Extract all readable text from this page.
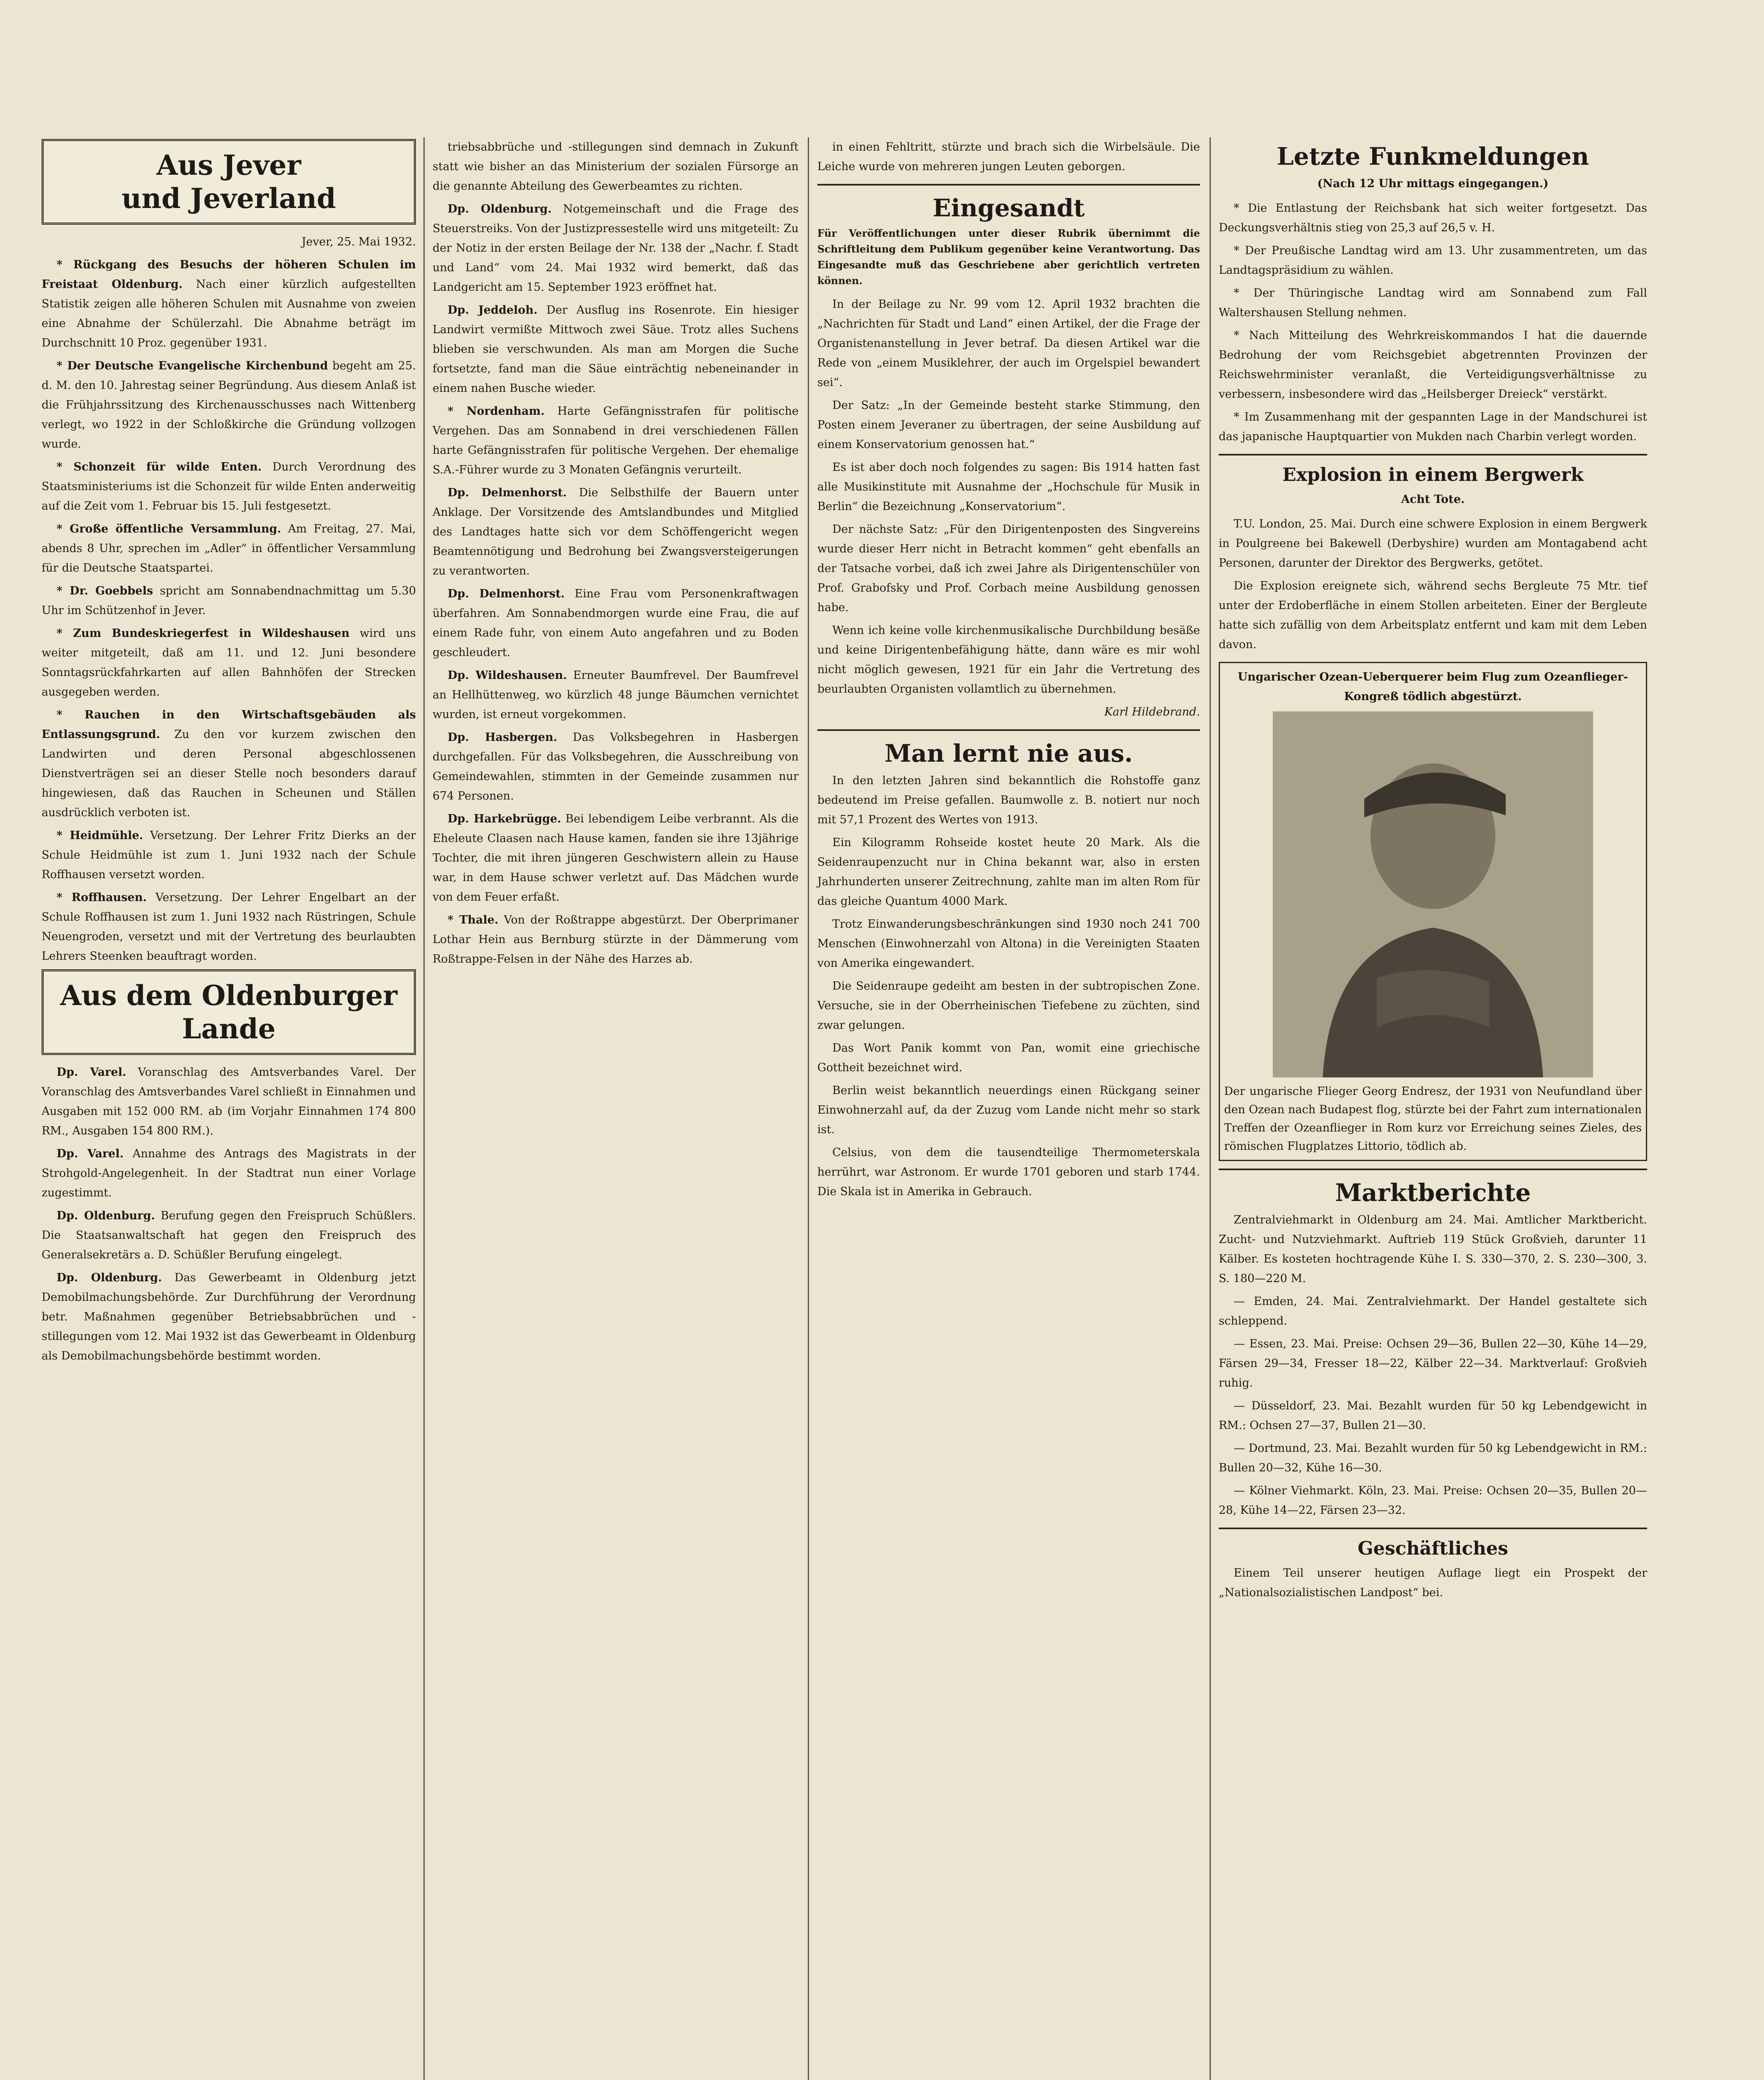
Aus Jever
und Jeverland
Jever, 25. Mai 1932.

* Rückgang des Besuchs der höheren Schulen im Freistaat Oldenburg. Nach einer kürzlich aufgestellten Statistik zeigen alle höheren Schulen mit Ausnahme von zweien eine Abnahme der Schülerzahl. Die Abnahme beträgt im Durchschnitt 10 Proz. gegenüber 1931.

* Der Deutsche Evangelische Kirchenbund begeht am 25. d. M. den 10. Jahrestag seiner Begründung. Aus diesem Anlaß ist die Frühjahrssitzung des Kirchenausschusses nach Wittenberg verlegt, wo 1922 in der Schloßkirche die Gründung vollzogen wurde.

* Schonzeit für wilde Enten. Durch Verordnung des Staatsministeriums ist die Schonzeit für wilde Enten anderweitig auf die Zeit vom 1. Februar bis 15. Juli festgesetzt.

* Große öffentliche Versammlung. Am Freitag, 27. Mai, abends 8 Uhr, sprechen im „Adler“ in öffentlicher Versammlung für die Deutsche Staatspartei.

* Dr. Goebbels spricht am Sonnabendnachmittag um 5.30 Uhr im Schützenhof in Jever.

* Zum Bundeskriegerfest in Wildeshausen wird uns weiter mitgeteilt, daß am 11. und 12. Juni besondere Sonntagsrückfahrkarten auf allen Bahnhöfen der Strecken ausgegeben werden.

* Rauchen in den Wirtschaftsgebäuden als Entlassungsgrund. Zu den vor kurzem zwischen den Landwirten und deren Personal abgeschlossenen Dienstverträgen sei an dieser Stelle noch besonders darauf hingewiesen, daß das Rauchen in Scheunen und Ställen ausdrücklich verboten ist.

* Heidmühle. Versetzung. Der Lehrer Fritz Dierks an der Schule Heidmühle ist zum 1. Juni 1932 nach der Schule Roffhausen versetzt worden.

* Roffhausen. Versetzung. Der Lehrer Engelbart an der Schule Roffhausen ist zum 1. Juni 1932 nach Rüstringen, Schule Neuengroden, versetzt und mit der Vertretung des beurlaubten Lehrers Steenken beauftragt worden.

Aus dem Oldenburger
Lande

Dp. Varel. Voranschlag des Amtsverbandes Varel. Der Voranschlag des Amtsverbandes Varel schließt in Einnahmen und Ausgaben mit 152 000 RM. ab (im Vorjahr Einnahmen 174 800 RM., Ausgaben 154 800 RM.).

Dp. Varel. Annahme des Antrags des Magistrats in der Strohgold-Angelegenheit. In der Stadtrat nun einer Vorlage zugestimmt.

Dp. Oldenburg. Berufung gegen den Freispruch Schüßlers. Die Staatsanwaltschaft hat gegen den Freispruch des Generalsekretärs a. D. Schüßler Berufung eingelegt.

Dp. Oldenburg. Das Gewerbeamt in Oldenburg jetzt Demobilmachungsbehörde. Zur Durchführung der Verordnung betr. Maßnahmen gegenüber Betriebsabbrüchen und -stillegungen vom 12. Mai 1932 ist das Gewerbeamt in Oldenburg als Demobilmachungsbehörde bestimmt worden.

triebsabbrüche und -stillegungen sind demnach in Zukunft statt wie bisher an das Ministerium der sozialen Fürsorge an die genannte Abteilung des Gewerbeamtes zu richten.

Dp. Oldenburg. Notgemeinschaft und die Frage des Steuerstreiks. Von der Justizpressestelle wird uns mitgeteilt: Zu der Notiz in der ersten Beilage der Nr. 138 der „Nachr. f. Stadt und Land“ vom 24. Mai 1932 wird bemerkt, daß das Landgericht am 15. September 1923 eröffnet hat.

Dp. Jeddeloh. Der Ausflug ins Rosenrote. Ein hiesiger Landwirt vermißte Mittwoch zwei Säue. Trotz alles Suchens blieben sie verschwunden. Als man am Morgen die Suche fortsetzte, fand man die Säue einträchtig nebeneinander in einem nahen Busche wieder.

* Nordenham. Harte Gefängnisstrafen für politische Vergehen. Das am Sonnabend in drei verschiedenen Fällen harte Gefängnisstrafen für politische Vergehen. Der ehemalige S.A.-Führer wurde zu 3 Monaten Gefängnis verurteilt.

Dp. Delmenhorst. Die Selbsthilfe der Bauern unter Anklage. Der Vorsitzende des Amtslandbundes und Mitglied des Landtages hatte sich vor dem Schöffengericht wegen Beamtennötigung und Bedrohung bei Zwangsversteigerungen zu verantworten.

Dp. Delmenhorst. Eine Frau vom Personenkraftwagen überfahren. Am Sonnabendmorgen wurde eine Frau, die auf einem Rade fuhr, von einem Auto angefahren und zu Boden geschleudert.

Dp. Wildeshausen. Erneuter Baumfrevel. Der Baumfrevel an Hellhüttenweg, wo kürzlich 48 junge Bäumchen vernichtet wurden, ist erneut vorgekommen.

Dp. Hasbergen. Das Volksbegehren in Hasbergen durchgefallen. Für das Volksbegehren, die Ausschreibung von Gemeindewahlen, stimmten in der Gemeinde zusammen nur 674 Personen.

Dp. Harkebrügge. Bei lebendigem Leibe verbrannt. Als die Eheleute Claasen nach Hause kamen, fanden sie ihre 13jährige Tochter, die mit ihren jüngeren Geschwistern allein zu Hause war, in dem Hause schwer verletzt auf. Das Mädchen wurde von dem Feuer erfaßt.

* Thale. Von der Roßtrappe abgestürzt. Der Oberprimaner Lothar Hein aus Bernburg stürzte in der Dämmerung vom Roßtrappe-Felsen in der Nähe des Harzes ab.

in einen Fehltritt, stürzte und brach sich die Wirbelsäule. Die Leiche wurde von mehreren jungen Leuten geborgen.

Eingesandt
Für Veröffentlichungen unter dieser Rubrik übernimmt die Schriftleitung dem Publikum gegenüber keine Verantwortung. Das Eingesandte muß das Geschriebene aber gerichtlich vertreten können.

In der Beilage zu Nr. 99 vom 12. April 1932 brachten die „Nachrichten für Stadt und Land“ einen Artikel, der die Frage der Organistenanstellung in Jever betraf. Da diesen Artikel war die Rede von „einem Musiklehrer, der auch im Orgelspiel bewandert sei“.

Der Satz: „In der Gemeinde besteht starke Stimmung, den Posten einem Jeveraner zu übertragen, der seine Ausbildung auf einem Konservatorium genossen hat.“

Es ist aber doch noch folgendes zu sagen: Bis 1914 hatten fast alle Musikinstitute mit Ausnahme der „Hochschule für Musik in Berlin“ die Bezeichnung „Konservatorium“.

Der nächste Satz: „Für den Dirigentenposten des Singvereins wurde dieser Herr nicht in Betracht kommen“ geht ebenfalls an der Tatsache vorbei, daß ich zwei Jahre als Dirigentenschüler von Prof. Grabofsky und Prof. Corbach meine Ausbildung genossen habe.

Wenn ich keine volle kirchenmusikalische Durchbildung besäße und keine Dirigentenbefähigung hätte, dann wäre es mir wohl nicht möglich gewesen, 1921 für ein Jahr die Vertretung des beurlaubten Organisten vollamtlich zu übernehmen.

Karl Hildebrand.
Man lernt nie aus.

In den letzten Jahren sind bekanntlich die Rohstoffe ganz bedeutend im Preise gefallen. Baumwolle z. B. notiert nur noch mit 57,1 Prozent des Wertes von 1913.

Ein Kilogramm Rohseide kostet heute 20 Mark. Als die Seidenraupenzucht nur in China bekannt war, also in ersten Jahrhunderten unserer Zeitrechnung, zahlte man im alten Rom für das gleiche Quantum 4000 Mark.

Trotz Einwanderungsbeschränkungen sind 1930 noch 241 700 Menschen (Einwohnerzahl von Altona) in die Vereinigten Staaten von Amerika eingewandert.

Die Seidenraupe gedeiht am besten in der subtropischen Zone. Versuche, sie in der Oberrheinischen Tiefebene zu züchten, sind zwar gelungen.

Das Wort Panik kommt von Pan, womit eine griechische Gottheit bezeichnet wird.

Berlin weist bekanntlich neuerdings einen Rückgang seiner Einwohnerzahl auf, da der Zuzug vom Lande nicht mehr so stark ist.

Celsius, von dem die tausendteilige Thermometerskala herrührt, war Astronom. Er wurde 1701 geboren und starb 1744. Die Skala ist in Amerika in Gebrauch.

Letzte Funkmeldungen
(Nach 12 Uhr mittags eingegangen.)

* Die Entlastung der Reichsbank hat sich weiter fortgesetzt. Das Deckungsverhältnis stieg von 25,3 auf 26,5 v. H.

* Der Preußische Landtag wird am 13. Uhr zusammentreten, um das Landtagspräsidium zu wählen.

* Der Thüringische Landtag wird am Sonnabend zum Fall Waltershausen Stellung nehmen.

* Nach Mitteilung des Wehrkreiskommandos I hat die dauernde Bedrohung der vom Reichsgebiet abgetrennten Provinzen der Reichswehrminister veranlaßt, die Verteidigungsverhältnisse zu verbessern, insbesondere wird das „Heilsberger Dreieck“ verstärkt.

* Im Zusammenhang mit der gespannten Lage in der Mandschurei ist das japanische Hauptquartier von Mukden nach Charbin verlegt worden.

Explosion in einem Bergwerk
Acht Tote.

T.U. London, 25. Mai. Durch eine schwere Explosion in einem Bergwerk in Poulgreene bei Bakewell (Derbyshire) wurden am Montagabend acht Personen, darunter der Direktor des Bergwerks, getötet.

Die Explosion ereignete sich, während sechs Bergleute 75 Mtr. tief unter der Erdoberfläche in einem Stollen arbeiteten. Einer der Bergleute hatte sich zufällig von dem Arbeitsplatz entfernt und kam mit dem Leben davon.

Ungarischer Ozean-Ueberquerer beim Flug zum Ozeanflieger-Kongreß tödlich abgestürzt.
Der ungarische Flieger Georg Endresz, der 1931 von Neufundland über den Ozean nach Budapest flog, stürzte bei der Fahrt zum internationalen Treffen der Ozeanflieger in Rom kurz vor Erreichung seines Zieles, des römischen Flugplatzes Littorio, tödlich ab.
Marktberichte

Zentralviehmarkt in Oldenburg am 24. Mai. Amtlicher Marktbericht. Zucht- und Nutzviehmarkt. Auftrieb 119 Stück Großvieh, darunter 11 Kälber. Es kosteten hochtragende Kühe I. S. 330—370, 2. S. 230—300, 3. S. 180—220 M.

— Emden, 24. Mai. Zentralviehmarkt. Der Handel gestaltete sich schleppend.

— Essen, 23. Mai. Preise: Ochsen 29—36, Bullen 22—30, Kühe 14—29, Färsen 29—34, Fresser 18—22, Kälber 22—34. Marktverlauf: Großvieh ruhig.

— Düsseldorf, 23. Mai. Bezahlt wurden für 50 kg Lebendgewicht in RM.: Ochsen 27—37, Bullen 21—30.

— Dortmund, 23. Mai. Bezahlt wurden für 50 kg Lebendgewicht in RM.: Bullen 20—32, Kühe 16—30.

— Kölner Viehmarkt. Köln, 23. Mai. Preise: Ochsen 20—35, Bullen 20—28, Kühe 14—22, Färsen 23—32.

Geschäftliches

Einem Teil unserer heutigen Auflage liegt ein Prospekt der „Nationalsozialistischen Landpost“ bei.
